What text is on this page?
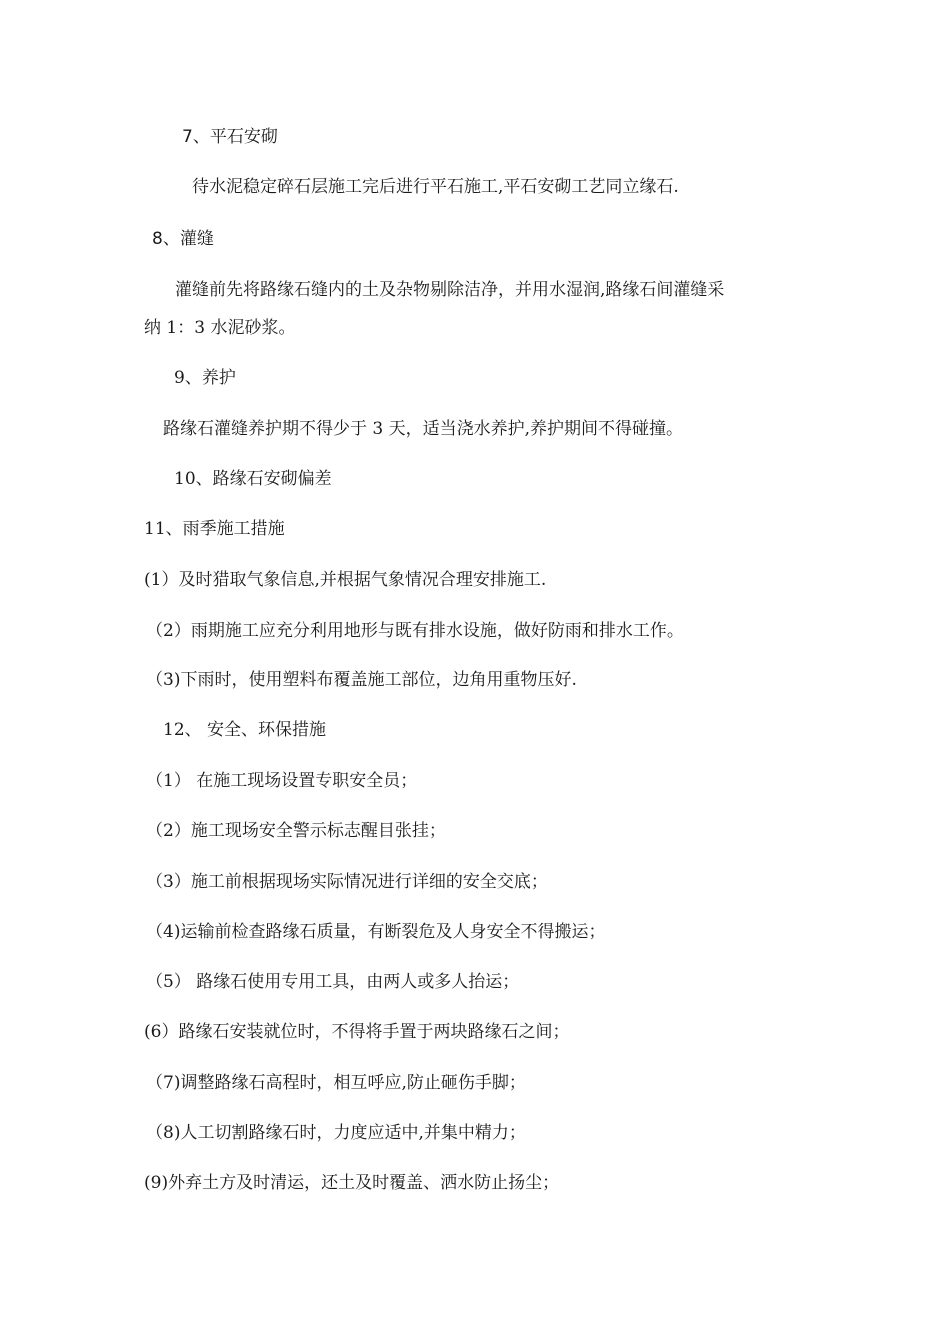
7、平石安砌
待水泥稳定碎石层施工完后进行平石施工,平石安砌工艺同立缘石.
8、灌缝
灌缝前先将路缘石缝内的土及杂物剔除洁净，并用水湿润,路缘石间灌缝采
纳 1：3 水泥砂浆。
9、养护
路缘石灌缝养护期不得少于 3 天，适当浇水养护,养护期间不得碰撞。
10、路缘石安砌偏差
11、雨季施工措施
(1）及时猎取气象信息,并根据气象情况合理安排施工.
（2）雨期施工应充分利用地形与既有排水设施，做好防雨和排水工作。
（3)下雨时，使用塑料布覆盖施工部位，边角用重物压好.
12、 安全、环保措施
（1） 在施工现场设置专职安全员；
（2）施工现场安全警示标志醒目张挂；
（3）施工前根据现场实际情况进行详细的安全交底；
（4)运输前检查路缘石质量，有断裂危及人身安全不得搬运；
（5） 路缘石使用专用工具，由两人或多人抬运；
(6）路缘石安装就位时，不得将手置于两块路缘石之间；
（7)调整路缘石高程时，相互呼应,防止砸伤手脚；
（8)人工切割路缘石时，力度应适中,并集中精力；
(9)外弃土方及时清运，还土及时覆盖、洒水防止扬尘；
